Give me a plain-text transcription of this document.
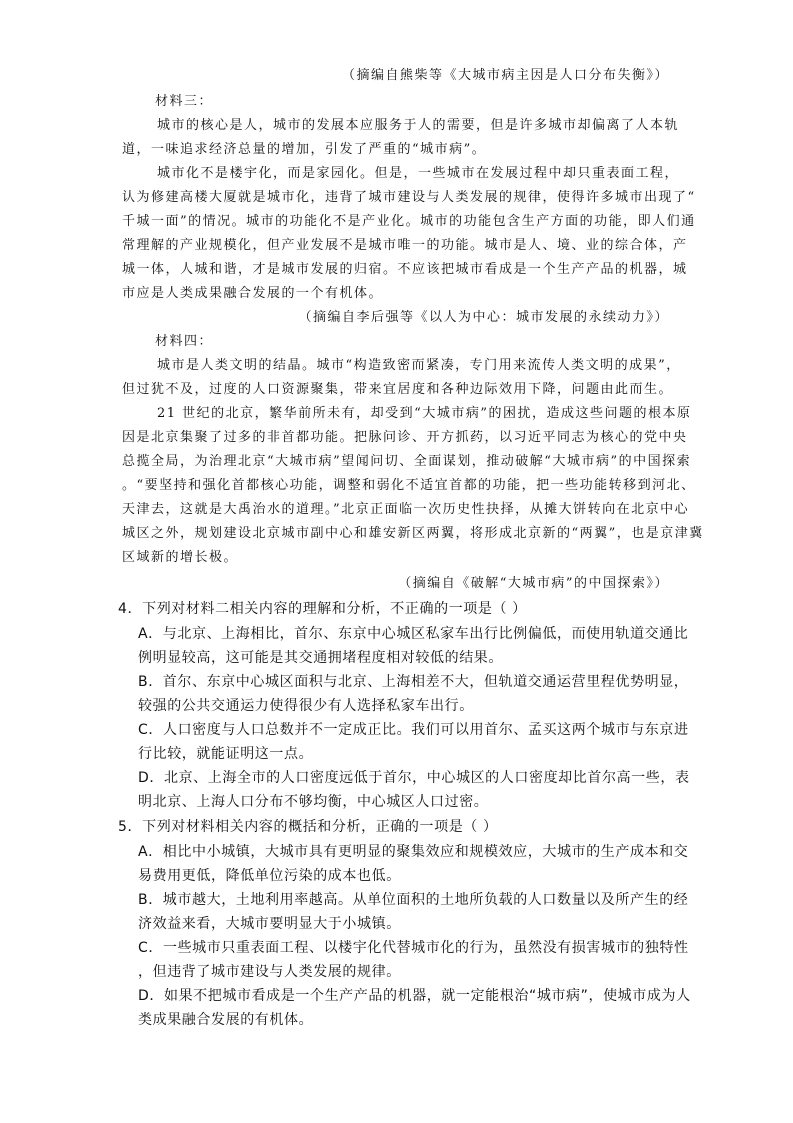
（摘编自熊柴等《大城市病主因是人口分布失衡》）
材料三：
城市的核心是人，城市的发展本应服务于人的需要，但是许多城市却偏离了人本轨
道，一味追求经济总量的增加，引发了严重的“城市病”。
城市化不是楼宇化，而是家园化。但是，一些城市在发展过程中却只重表面工程，
认为修建高楼大厦就是城市化，违背了城市建设与人类发展的规律，使得许多城市出现了“
千城一面”的情况。城市的功能化不是产业化。城市的功能包含生产方面的功能，即人们通
常理解的产业规模化，但产业发展不是城市唯一的功能。城市是人、境、业的综合体，产
城一体，人城和谐，才是城市发展的归宿。不应该把城市看成是一个生产产品的机器，城
市应是人类成果融合发展的一个有机体。
（摘编自李后强等《以人为中心：城市发展的永续动力》）
材料四：
城市是人类文明的结晶。城市“构造致密而紧凑，专门用来流传人类文明的成果”，
但过犹不及，过度的人口资源聚集，带来宜居度和各种边际效用下降，问题由此而生。
21 世纪的北京，繁华前所未有，却受到“大城市病”的困扰，造成这些问题的根本原
因是北京集聚了过多的非首都功能。把脉问诊、开方抓药，以习近平同志为核心的党中央
总揽全局，为治理北京“大城市病”望闻问切、全面谋划，推动破解“大城市病”的中国探索
。“要坚持和强化首都核心功能，调整和弱化不适宜首都的功能，把一些功能转移到河北、
天津去，这就是大禹治水的道理。”北京正面临一次历史性抉择，从摊大饼转向在北京中心
城区之外，规划建设北京城市副中心和雄安新区两翼，将形成北京新的“两翼”，也是京津冀
区域新的增长极。
（摘编自《破解“大城市病”的中国探索》）
4．下列对材料二相关内容的理解和分析，不正确的一项是（ ）
A．与北京、上海相比，首尔、东京中心城区私家车出行比例偏低，而使用轨道交通比
例明显较高，这可能是其交通拥堵程度相对较低的结果。
B．首尔、东京中心城区面积与北京、上海相差不大，但轨道交通运营里程优势明显，
较强的公共交通运力使得很少有人选择私家车出行。
C．人口密度与人口总数并不一定成正比。我们可以用首尔、孟买这两个城市与东京进
行比较，就能证明这一点。
D．北京、上海全市的人口密度远低于首尔，中心城区的人口密度却比首尔高一些，表
明北京、上海人口分布不够均衡，中心城区人口过密。
5．下列对材料相关内容的概括和分析，正确的一项是（ ）
A．相比中小城镇，大城市具有更明显的聚集效应和规模效应，大城市的生产成本和交
易费用更低，降低单位污染的成本也低。
B．城市越大，土地利用率越高。从单位面积的土地所负载的人口数量以及所产生的经
济效益来看，大城市要明显大于小城镇。
C．一些城市只重表面工程、以楼宇化代替城市化的行为，虽然没有损害城市的独特性
，但违背了城市建设与人类发展的规律。
D．如果不把城市看成是一个生产产品的机器，就一定能根治“城市病”，使城市成为人
类成果融合发展的有机体。
